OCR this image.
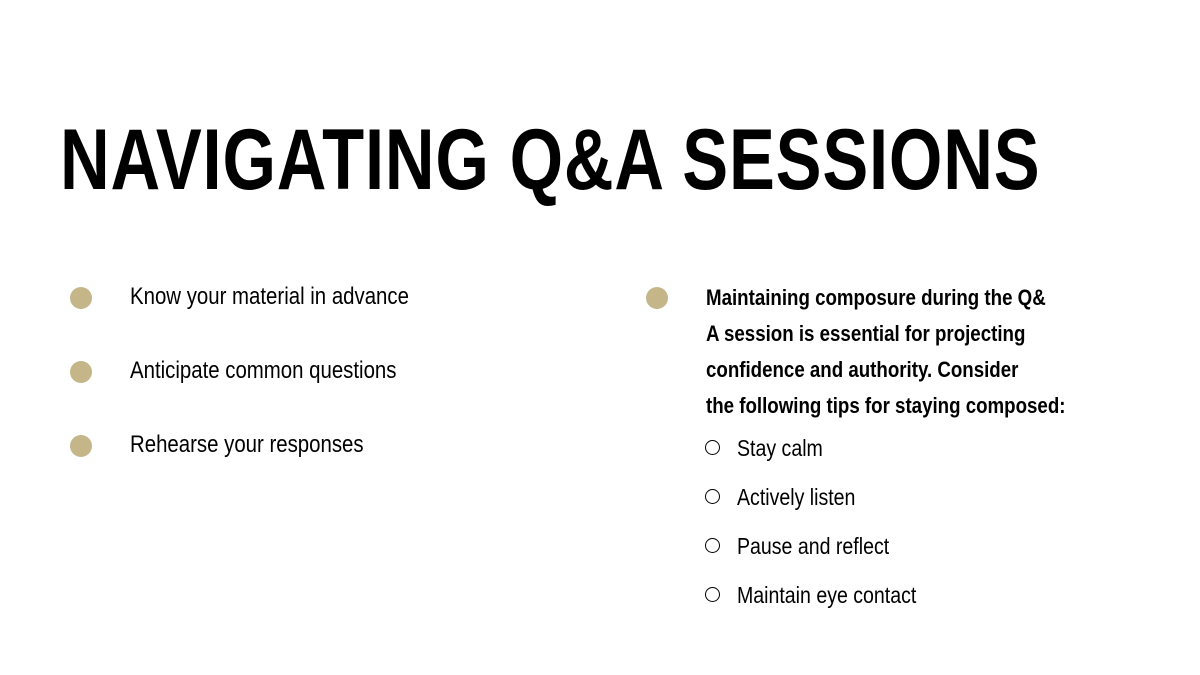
NAVIGATING Q&A SESSIONS
Know your material in advance
Anticipate common questions
Rehearse your responses

Maintaining composure during the Q&
A session is essential for projecting
confidence and authority. Consider
the following tips for staying composed:

Stay calm
Actively listen
Pause and reflect
Maintain eye contact
